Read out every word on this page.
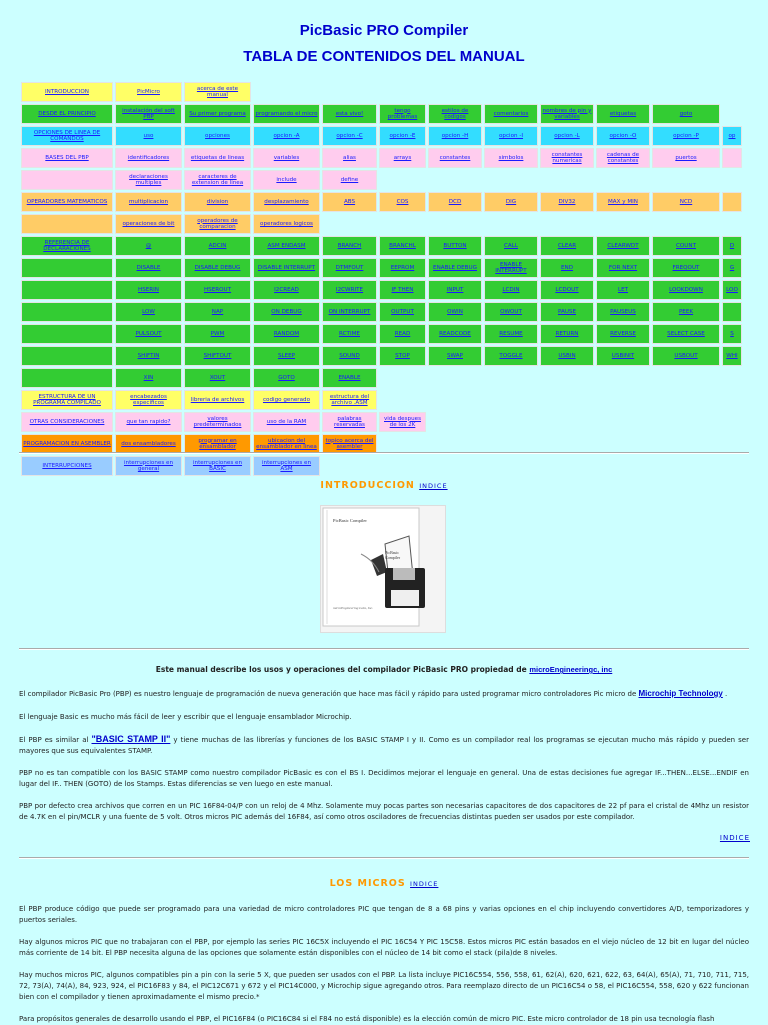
PicBasic PRO Compiler
TABLA DE CONTENIDOS DEL MANUAL
INTRODUCCION	PicMicro	acerca de este manual									
DESDE EL PRINCIPIO	instalación del soft PBP	Su primer programa	programando el micro	esta vivo!	tengo problemas	estilos de codigos	comentarios	nombres de pin y variables	etiquetas	goto	
OPCIONES DE LINEA DE COMANDOS	uso	opciones	opcion -A	opcion -C	opcion -E	opcion -H	opcion -I	opcion -L	opcion -O	opcion -P	op
BASES DEL PBP	identificadores	etiquetas de lineas	variables	alias	arrays	constantes	simbolos	constantes numericas	cadenas de constantes	puertos	
	declaraciones multiples	caracteres de extension de linea	include	define							
OPERADORES MATEMATICOS	multiplicacion	division	desplazamiento	ABS	COS	DCD	DIG	DIV32	MAX y MIN	NCD	
	operaciones de bit	operadores de comparacion	operadores logicos								
REFERENCIA DE DECLARACIONES	@	ADCIN	ASM ENDASM	BRANCH	BRANCHL	BUTTON	CALL	CLEAR	CLEARWDT	COUNT	D
	DISABLE	DISABLE DEBUG	DISABLE INTERRUPT	DTMFOUT	EEPROM	ENABLE DEBUG	ENABLE INTERRUPT	END	FOR NEXT	FREQOUT	G
	HSERIN	HSEROUT	I2CREAD	I2CWRITE	IF THEN	INPUT	LCDIN	LCDOUT	LET	LOOKDOWN	LOO
	LOW	NAP	ON DEBUG	ON INTERRUPT	OUTPUT	OWIN	OWOUT	PAUSE	PAUSEUS	PEEK	
	PULSOUT	PWM	RANDOM	RCTIME	READ	READCODE	RESUME	RETURN	REVERSE	SELECT CASE	S
	SHIFTIN	SHIFTOUT	SLEEP	SOUND	STOP	SWAP	TOGGLE	USBIN	USBINIT	USBOUT	WHI
	XIN	XOUT	GOTO	ENABLE							
ESTRUCTURA DE UN PROGRAMA COMPILADO	encabezados especificos	libreria de archivos	codigo generado	estructura del archivo .ASM							
OTRAS CONSIDERACIONES	que tan rapido?	valores predeterminados	uso de la RAM	palabras reservadas	vida despues de los 2K						
PROGRAMACION EN ASEMBLER	dos ensambladores	programar en ensamblador	ubicacion del ensamblador en linea	topico acerca del asembler							
INTERRUPCIONES	interrupciones en general	interrupciones en BASIC	interrupciones en ASM								
INTRODUCCION INDICE
PicBasic Compiler
PicBasic Compiler
microEngineering Labs, Inc.
Este manual describe los usos y operaciones del compilador PicBasic PRO propiedad de microEngineeringc, inc
El compilador PicBasic Pro (PBP) es nuestro lenguaje de programación de nueva generación que hace mas fácil y rápido para usted programar micro controladores Pic micro de Microchip Technology .
El lenguaje Basic es mucho más fácil de leer y escribir que el lenguaje ensamblador Microchip.
El PBP es similar al "BASIC STAMP II" y tiene muchas de las librerías y funciones de los BASIC STAMP I y II. Como es un compilador real los programas se ejecutan mucho más rápido y pueden ser mayores que sus equivalentes STAMP.
PBP no es tan compatible con los BASIC STAMP como nuestro compilador PicBasic es con el BS I. Decidimos mejorar el lenguaje en general. Una de estas decisiones fue agregar IF...THEN...ELSE...ENDIF en lugar del IF.. THEN (GOTO) de los Stamps. Estas diferencias se ven luego en este manual.
PBP por defecto crea archivos que corren en un PIC 16F84-04/P con un reloj de 4 Mhz. Solamente muy pocas partes son necesarias capacitores de dos capacitores de 22 pf para el cristal de 4Mhz un resistor de 4.7K en el pin/MCLR y una fuente de 5 volt. Otros micros PIC además del 16F84, así como otros osciladores de frecuencias distintas pueden ser usados por este compilador.
INDICE
LOS MICROS INDICE
El PBP produce código que puede ser programado para una variedad de micro controladores PIC que tengan de 8 a 68 pins y varias opciones en el chip incluyendo convertidores A/D, temporizadores y puertos seriales.
Hay algunos micros PIC que no trabajaran con el PBP, por ejemplo las series PIC 16C5X incluyendo el PIC 16C54 Y PIC 15C58. Estos micros PIC están basados en el viejo núcleo de 12 bit en lugar del núcleo más corriente de 14 bit. El PBP necesita alguna de las opciones que solamente están disponibles con el núcleo de 14 bit como el stack (pila)de 8 niveles.
Hay muchos micros PIC, algunos compatibles pin a pin con la serie 5 X, que pueden ser usados con el PBP. La lista incluye PIC16C554, 556, 558, 61, 62(A), 620, 621, 622, 63, 64(A), 65(A), 71, 710, 711, 715, 72, 73(A), 74(A), 84, 923, 924, el PIC16F83 y 84, el PIC12C671 y 672 y el PIC14C000, y Microchip sigue agregando otros. Para reemplazo directo de un PIC16C54 o 58, el PIC16C554, 558, 620 y 622 funcionan bien con el compilador y tienen aproximadamente el mismo precio.*
Para propósitos generales de desarrollo usando el PBP, el PIC16F84 (o PIC16C84 si el F84 no está disponible) es la elección común de micro PIC. Este micro controlador de 18 pin usa tecnología flash
